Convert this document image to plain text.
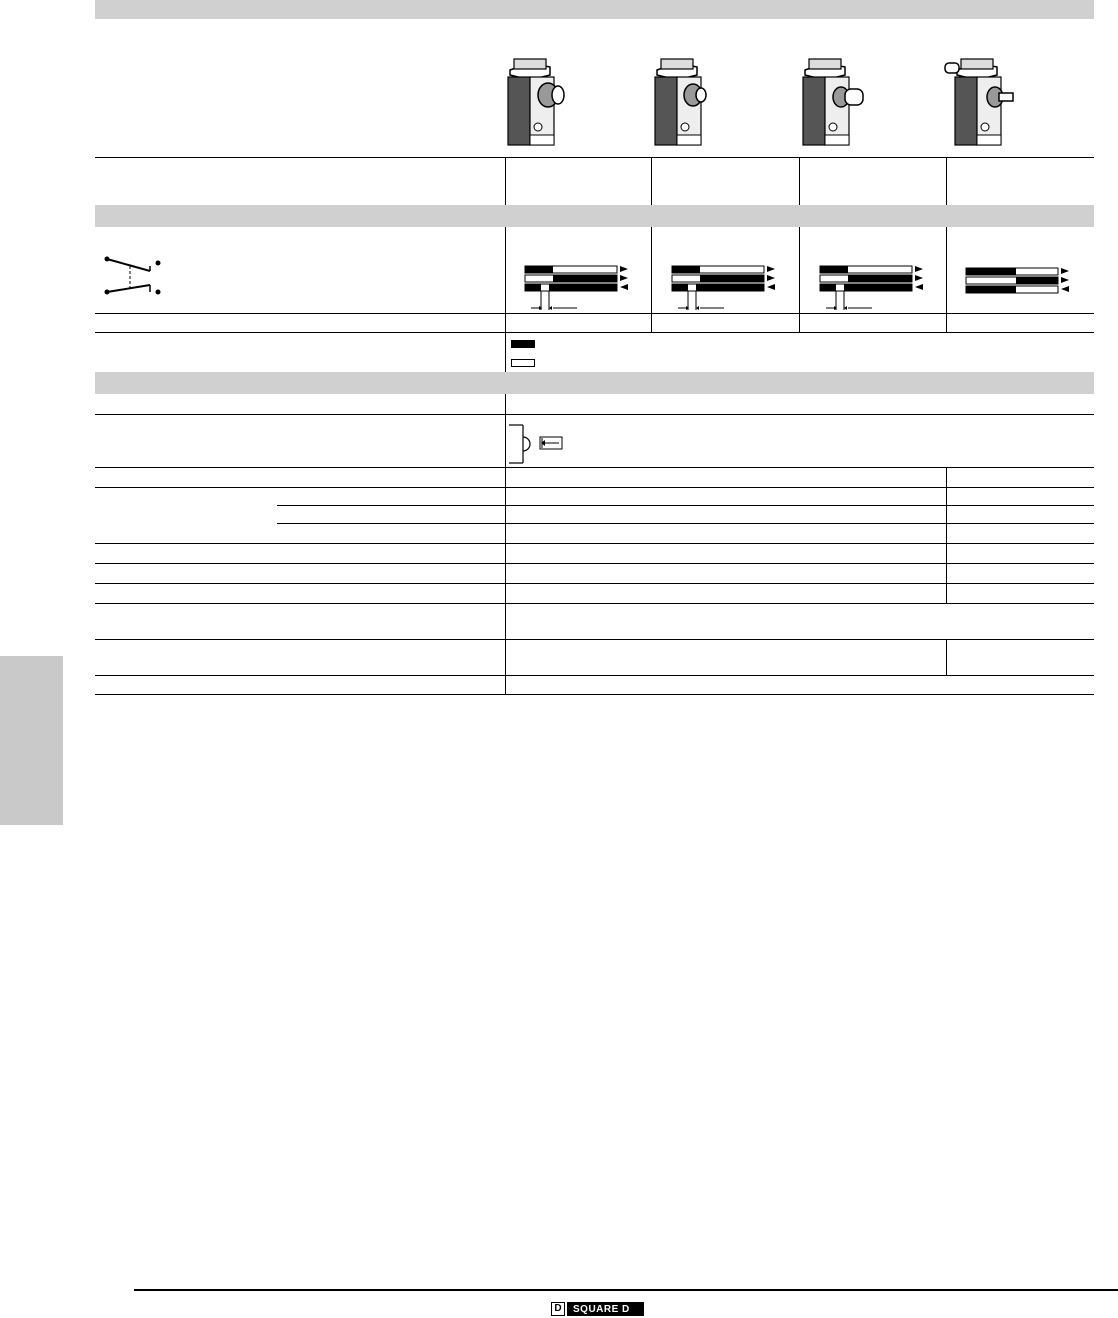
D	SQUARE D
